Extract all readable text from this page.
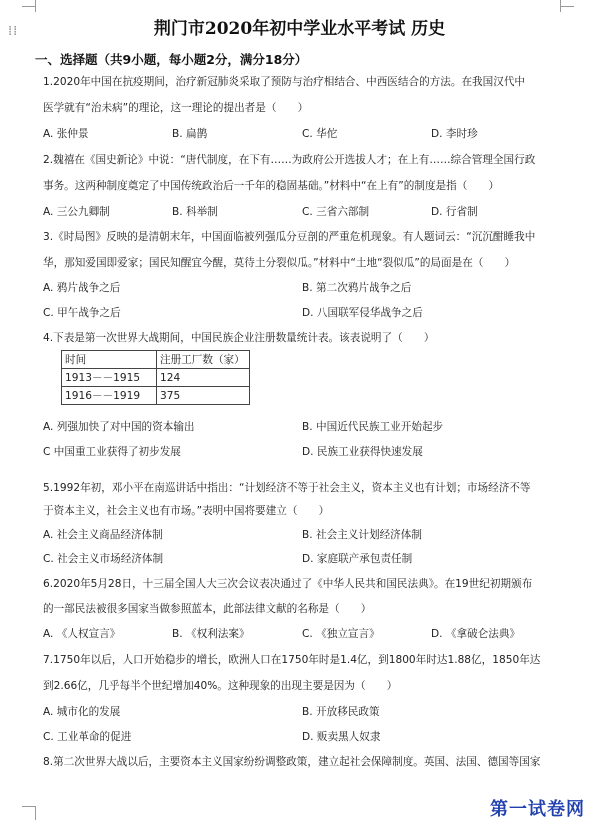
⁞⁞	荆门市2020年初中学业水平考试 历史
一、选择题（共9小题，每小题2分，满分18分）
1.2020年中国在抗疫期间，治疗新冠肺炎采取了预防与治疗相结合、中西医结合的方法。在我国汉代中
医学就有“治未病”的理论，这一理论的提出者是（　　）
A. 张仲景	B. 扁鹊	C. 华佗	D. 李时珍
2.魏禧在《国史新论》中说：“唐代制度，在下有……为政府公开选拔人才；在上有……综合管理全国行政
事务。这两种制度奠定了中国传统政治后一千年的稳固基础。”材料中“在上有”的制度是指（　　）
A. 三公九卿制	B. 科举制	C. 三省六部制	D. 行省制
3.《时局图》反映的是清朝末年，中国面临被列强瓜分豆剖的严重危机现象。有人题词云：“沉沉酣睡我中
华，那知爱国即爱家；国民知醒宜今醒，莫待土分裂似瓜。”材料中“土地“裂似瓜”的局面是在（　　）
A. 鸦片战争之后	B. 第二次鸦片战争之后
C. 甲午战争之后	D. 八国联军侵华战争之后
4.下表是第一次世界大战期间，中国民族企业注册数量统计表。该表说明了（　　）
时间	注册工厂数（家）
1913－－1915	124
1916－－1919	375
A. 列强加快了对中国的资本输出	B. 中国近代民族工业开始起步
C 中国重工业获得了初步发展	D. 民族工业获得快速发展
5.1992年初，邓小平在南巡讲话中指出：“计划经济不等于社会主义，资本主义也有计划；市场经济不等
于资本主义，社会主义也有市场。”表明中国将要建立（　　）
A. 社会主义商品经济体制	B. 社会主义计划经济体制
C. 社会主义市场经济体制	D. 家庭联产承包责任制
6.2020年5月28日，十三届全国人大三次会议表决通过了《中华人民共和国民法典》。在19世纪初期颁布
的一部民法被很多国家当做参照蓝本，此部法律文献的名称是（　　）
A. 《人权宣言》	B. 《权利法案》	C. 《独立宣言》	D. 《拿破仑法典》
7.1750年以后，人口开始稳步的增长，欧洲人口在1750年时是1.4亿，到1800年时达1.88亿，1850年达
到2.66亿，几乎每半个世纪增加40%。这种现象的出现主要是因为（　　）
A. 城市化的发展	B. 开放移民政策
C. 工业革命的促进	D. 贩卖黑人奴隶
8.第二次世界大战以后，主要资本主义国家纷纷调整政策，建立起社会保障制度。英国、法国、德国等国家
第一试卷网
